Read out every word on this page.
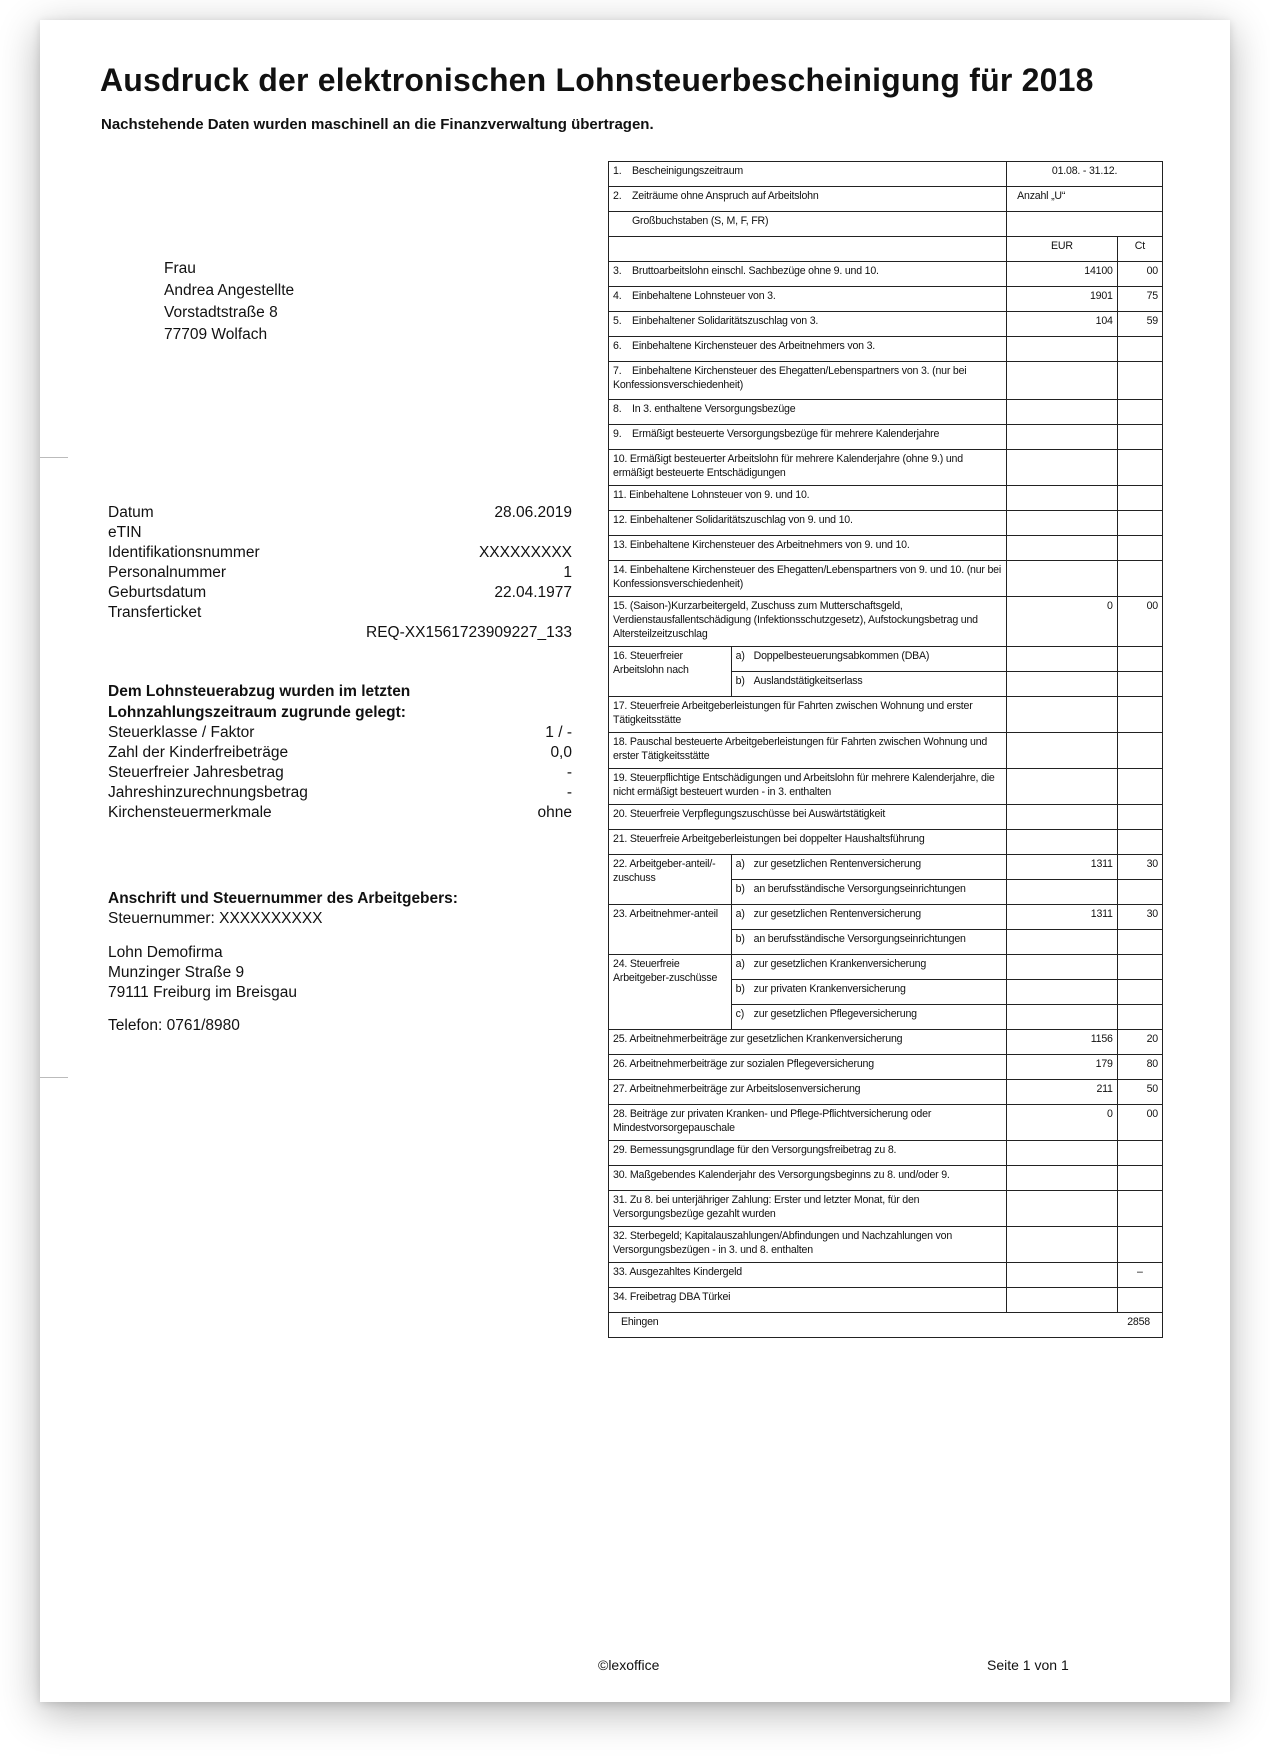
Ausdruck der elektronischen Lohnsteuerbescheinigung für 2018
Nachstehende Daten wurden maschinell an die Finanzverwaltung übertragen.
Frau
Andrea Angestellte
Vorstadtstraße 8
77709 Wolfach
Datum	28.06.2019
eTIN
Identifikationsnummer	XXXXXXXXX
Personalnummer	1
Geburtsdatum	22.04.1977
Transferticket
REQ-XX1561723909227_133
Dem Lohnsteuerabzug wurden im letzten
Lohnzahlungszeitraum zugrunde gelegt:
Steuerklasse / Faktor	1 / -
Zahl der Kinderfreibeträge	0,0
Steuerfreier Jahresbetrag	-
Jahreshinzurechnungsbetrag	-
Kirchensteuermerkmale	ohne
Anschrift und Steuernummer des Arbeitgebers:
Steuernummer: XXXXXXXXXX
Lohn Demofirma
Munzinger Straße 9
79111 Freiburg im Breisgau
Telefon: 0761/8980
1. Bescheinigungszeitraum		01.08. - 31.12.	
2. Zeiträume ohne Anspruch auf Arbeitslohn		Anzahl „U“	
Großbuchstaben (S, M, F, FR)			
		EUR	Ct
3. Bruttoarbeitslohn einschl. Sachbezüge ohne 9. und 10.		14100	00
4. Einbehaltene Lohnsteuer von 3.		1901	75
5. Einbehaltener Solidaritätszuschlag von 3.		104	59
6. Einbehaltene Kirchensteuer des Arbeitnehmers von 3.			
7. Einbehaltene Kirchensteuer des Ehegatten/Lebenspartners von 3. (nur bei Konfessionsverschiedenheit)			
8. In 3. enthaltene Versorgungsbezüge			
9. Ermäßigt besteuerte Versorgungsbezüge für mehrere Kalenderjahre			
10. Ermäßigt besteuerter Arbeitslohn für mehrere Kalenderjahre (ohne 9.) und ermäßigt besteuerte Entschädigungen			
11. Einbehaltene Lohnsteuer von 9. und 10.			
12. Einbehaltener Solidaritätszuschlag von 9. und 10.			
13. Einbehaltene Kirchensteuer des Arbeitnehmers von 9. und 10.			
14. Einbehaltene Kirchensteuer des Ehegatten/Lebenspartners von 9. und 10. (nur bei Konfessionsverschiedenheit)			
15. (Saison-)Kurzarbeitergeld, Zuschuss zum Mutterschaftsgeld, Verdienstausfallentschädigung (Infektionsschutzgesetz), Aufstockungsbetrag und Altersteilzeitzuschlag		0	00
16. Steuerfreier Arbeitslohn nach	a) Doppelbesteuerungsabkommen (DBA)		
	b) Auslandstätigkeitserlass		
17. Steuerfreie Arbeitgeberleistungen für Fahrten zwischen Wohnung und erster Tätigkeitsstätte			
18. Pauschal besteuerte Arbeitgeberleistungen für Fahrten zwischen Wohnung und erster Tätigkeitsstätte			
19. Steuerpflichtige Entschädigungen und Arbeitslohn für mehrere Kalenderjahre, die nicht ermäßigt besteuert wurden - in 3. enthalten			
20. Steuerfreie Verpflegungszuschüsse bei Auswärtstätigkeit			
21. Steuerfreie Arbeitgeberleistungen bei doppelter Haushaltsführung			
22. Arbeitgeber-anteil/-zuschuss	a) zur gesetzlichen Rentenversicherung	1311	30
	b) an berufsständische Versorgungseinrichtungen		
23. Arbeitnehmer-anteil	a) zur gesetzlichen Rentenversicherung	1311	30
	b) an berufsständische Versorgungseinrichtungen		
24. Steuerfreie Arbeitgeber-zuschüsse	a) zur gesetzlichen Krankenversicherung		
	b) zur privaten Krankenversicherung		
	c) zur gesetzlichen Pflegeversicherung		
25. Arbeitnehmerbeiträge zur gesetzlichen Krankenversicherung		1156	20
26. Arbeitnehmerbeiträge zur sozialen Pflegeversicherung		179	80
27. Arbeitnehmerbeiträge zur Arbeitslosenversicherung		211	50
28. Beiträge zur privaten Kranken- und Pflege-Pflichtversicherung oder Mindestvorsorgepauschale		0	00
29. Bemessungsgrundlage für den Versorgungsfreibetrag zu 8.			
30. Maßgebendes Kalenderjahr des Versorgungsbeginns zu 8. und/oder 9.			
31. Zu 8. bei unterjähriger Zahlung: Erster und letzter Monat, für den Versorgungsbezüge gezahlt wurden			
32. Sterbegeld; Kapitalauszahlungen/Abfindungen und Nachzahlungen von Versorgungsbezügen - in 3. und 8. enthalten			
33. Ausgezahltes Kindergeld			–
34. Freibetrag DBA Türkei			
Ehingen 2858			
©lexoffice	Seite 1 von 1
